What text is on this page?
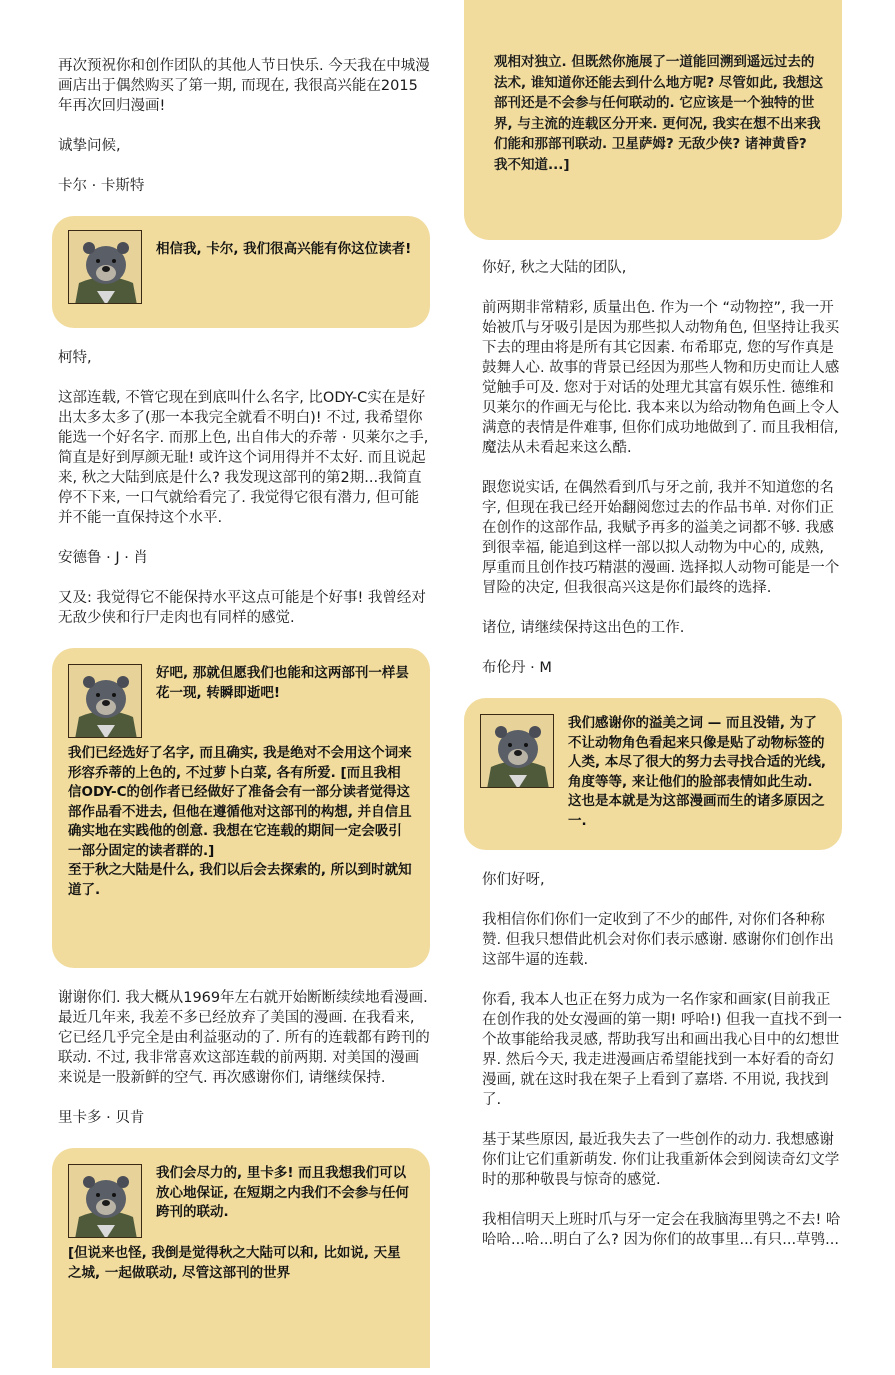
再次预祝你和创作团队的其他人节日快乐. 今天我在中城漫画店出于偶然购买了第一期, 而现在, 我很高兴能在2015年再次回归漫画!

诚挚问候,

卡尔 · 卡斯特

相信我, 卡尔, 我们很高兴能有你这位读者!

柯特,

这部连载, 不管它现在到底叫什么名字, 比ODY-C实在是好出太多太多了(那一本我完全就看不明白)! 不过, 我希望你能选一个好名字. 而那上色, 出自伟大的乔蒂 · 贝莱尔之手, 简直是好到厚颜无耻! 或许这个词用得并不太好. 而且说起来, 秋之大陆到底是什么? 我发现这部刊的第2期...我简直停不下来, 一口气就给看完了. 我觉得它很有潜力, 但可能并不能一直保持这个水平.

安德鲁 · J · 肖

又及: 我觉得它不能保持水平这点可能是个好事! 我曾经对无敌少侠和行尸走肉也有同样的感觉.

好吧, 那就但愿我们也能和这两部刊一样昙花一现, 转瞬即逝吧!

我们已经选好了名字, 而且确实, 我是绝对不会用这个词来形容乔蒂的上色的, 不过萝卜白菜, 各有所爱. [而且我相信ODY-C的创作者已经做好了准备会有一部分读者觉得这部作品看不进去, 但他在遵循他对这部刊的构想, 并自信且确实地在实践他的创意. 我想在它连载的期间一定会吸引一部分固定的读者群的.]

至于秋之大陆是什么, 我们以后会去探索的, 所以到时就知道了.

谢谢你们. 我大概从1969年左右就开始断断续续地看漫画. 最近几年来, 我差不多已经放弃了美国的漫画. 在我看来, 它已经几乎完全是由利益驱动的了. 所有的连载都有跨刊的联动. 不过, 我非常喜欢这部连载的前两期. 对美国的漫画来说是一股新鲜的空气. 再次感谢你们, 请继续保持.

里卡多 · 贝肯

我们会尽力的, 里卡多! 而且我想我们可以放心地保证, 在短期之内我们不会参与任何跨刊的联动.

[但说来也怪, 我倒是觉得秋之大陆可以和, 比如说, 天星之城, 一起做联动, 尽管这部刊的世界

观相对独立. 但既然你施展了一道能回溯到遥远过去的法术, 谁知道你还能去到什么地方呢? 尽管如此, 我想这部刊还是不会参与任何联动的. 它应该是一个独特的世界, 与主流的连载区分开来. 更何况, 我实在想不出来我们能和那部刊联动. 卫星萨姆? 无敌少侠? 诸神黄昏? 我不知道...]

你好, 秋之大陆的团队,

前两期非常精彩, 质量出色. 作为一个 “动物控”, 我一开始被爪与牙吸引是因为那些拟人动物角色, 但坚持让我买下去的理由将是所有其它因素. 布希耶克, 您的写作真是鼓舞人心. 故事的背景已经因为那些人物和历史而让人感觉触手可及. 您对于对话的处理尤其富有娱乐性. 德维和贝莱尔的作画无与伦比. 我本来以为给动物角色画上令人满意的表情是件难事, 但你们成功地做到了. 而且我相信, 魔法从未看起来这么酷.

跟您说实话, 在偶然看到爪与牙之前, 我并不知道您的名字, 但现在我已经开始翻阅您过去的作品书单. 对你们正在创作的这部作品, 我赋予再多的溢美之词都不够. 我感到很幸福, 能追到这样一部以拟人动物为中心的, 成熟, 厚重而且创作技巧精湛的漫画. 选择拟人动物可能是一个冒险的决定, 但我很高兴这是你们最终的选择.

诸位, 请继续保持这出色的工作.

布伦丹 · M

我们感谢你的溢美之词 — 而且没错, 为了不让动物角色看起来只像是贴了动物标签的人类, 本尽了很大的努力去寻找合适的光线, 角度等等, 来让他们的脸部表情如此生动. 这也是本就是为这部漫画而生的诸多原因之一.

你们好呀,

我相信你们你们一定收到了不少的邮件, 对你们各种称赞. 但我只想借此机会对你们表示感谢. 感谢你们创作出这部牛逼的连载.

你看, 我本人也正在努力成为一名作家和画家(目前我正在创作我的处女漫画的第一期! 呼哈!) 但我一直找不到一个故事能给我灵感, 帮助我写出和画出我心目中的幻想世界. 然后今天, 我走进漫画店希望能找到一本好看的奇幻漫画, 就在这时我在架子上看到了嘉塔. 不用说, 我找到了.

基于某些原因, 最近我失去了一些创作的动力. 我想感谢你们让它们重新萌发. 你们让我重新体会到阅读奇幻文学时的那种敬畏与惊奇的感觉.

我相信明天上班时爪与牙一定会在我脑海里鸮之不去! 哈哈哈...哈...明白了么? 因为你们的故事里...有只...草鸮...
